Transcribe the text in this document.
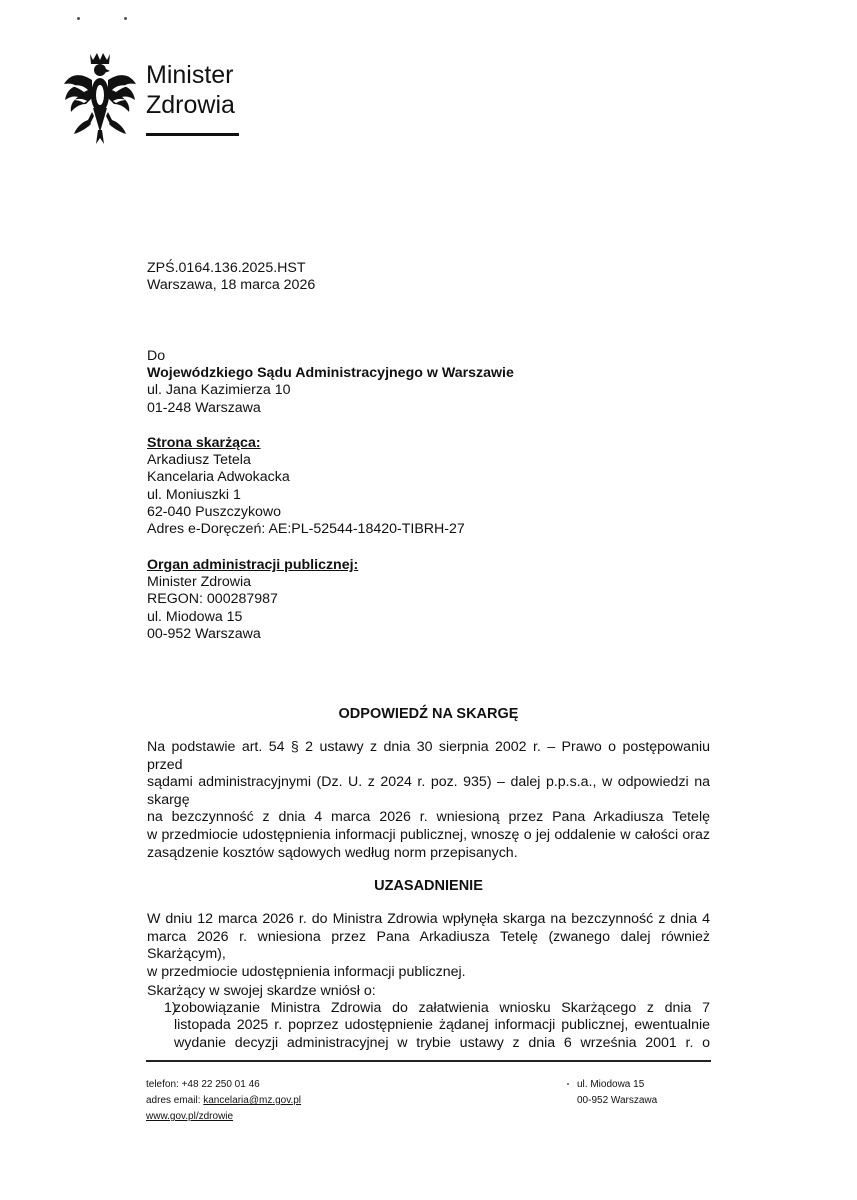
Minister
Zdrowia
ZPŚ.0164.136.2025.HST
Warszawa, 18 marca 2026
Do
Wojewódzkiego Sądu Administracyjnego w Warszawie
ul. Jana Kazimierza 10
01-248 Warszawa
Strona skarżąca:
Arkadiusz Tetela
Kancelaria Adwokacka
ul. Moniuszki 1
62-040 Puszczykowo
Adres e-Doręczeń: AE:PL-52544-18420-TIBRH-27
Organ administracji publicznej:
Minister Zdrowia
REGON: 000287987
ul. Miodowa 15
00-952 Warszawa
ODPOWIEDŹ NA SKARGĘ
Na podstawie art. 54 § 2 ustawy z dnia 30 sierpnia 2002 r. – Prawo o postępowaniu przed
sądami administracyjnymi (Dz. U. z 2024 r. poz. 935) – dalej p.p.s.a., w odpowiedzi na skargę
na bezczynność z dnia 4 marca 2026 r. wniesioną przez Pana Arkadiusza Tetelę
w przedmiocie udostępnienia informacji publicznej, wnoszę o jej oddalenie w całości oraz
zasądzenie kosztów sądowych według norm przepisanych.
UZASADNIENIE
W dniu 12 marca 2026 r. do Ministra Zdrowia wpłynęła skarga na bezczynność z dnia 4
marca 2026 r. wniesiona przez Pana Arkadiusza Tetelę (zwanego dalej również Skarżącym),
w przedmiocie udostępnienia informacji publicznej.
Skarżący w swojej skardze wniósł o:
1)
zobowiązanie Ministra Zdrowia do załatwienia wniosku Skarżącego z dnia 7
listopada 2025 r. poprzez udostępnienie żądanej informacji publicznej, ewentualnie
wydanie decyzji administracyjnej w trybie ustawy z dnia 6 września 2001 r. o
telefon: +48 22 250 01 46
adres email: kancelaria@mz.gov.pl
www.gov.pl/zdrowie
ul. Miodowa 15
00-952 Warszawa
